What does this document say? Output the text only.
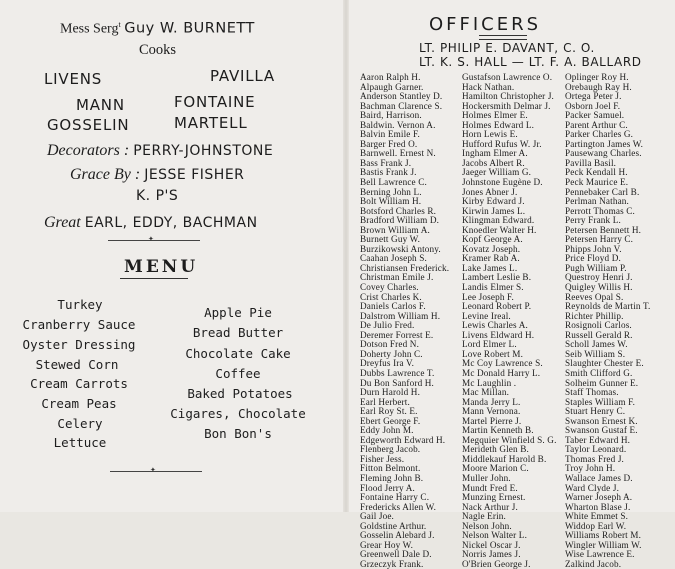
Mess Serg$^t$ Guy W. BURNETT
Cooks
LIVENS	PAVILLA
MANN	FONTAINE
GOSSELIN	MARTELL
Decorators : PERRY-JOHNSTONE
Grace By : JESSE FISHER
K. P'S
Great EARL, EDDY, BACHMAN
✦
MENU
Turkey
Cranberry Sauce
Oyster Dressing
Stewed Corn
Cream Carrots
Cream Peas
Celery
Lettuce
Apple Pie
Bread Butter
Chocolate Cake
Coffee
Baked Potatoes
Cigares, Chocolate
Bon Bon's
✦
OFFICERS
LT. PHILIP E. DAVANT, C. O.
LT. K. S. HALL — LT. F. A. BALLARD
Aaron Ralph H.
Alpaugh Garner.
Anderson Stantley D.
Bachman Clarence S.
Baird, Harrison.
Baldwin. Vernon A.
Balvin Emile F.
Barger Fred O.
Barnwell. Ernest N.
Bass Frank J.
Bastis Frank J.
Bell Lawrence C.
Berning John L.
Bolt William H.
Botsford Charles R.
Bradford William D.
Brown William A.
Burnett Guy W.
Burzikowski Antony.
Caahan Joseph S.
Christiansen Frederick.
Christman Emile J.
Covey Charles.
Crist Charles K.
Daniels Carlos F.
Dalstrom William H.
De Julio Fred.
Deremer Forrest E.
Dotson Fred N.
Doherty John C.
Dreyfus Ira V.
Dubbs Lawrence T.
Du Bon Sanford H.
Durn Harold H.
Earl Herbert.
Earl Roy St. E.
Ebert George F.
Eddy John M.
Edgeworth Edward H.
Flenberg Jacob.
Fisher Jess.
Fitton Belmont.
Fleming John B.
Flood Jerry A.
Fontaine Harry C.
Fredericks Allen W.
Gail Joe.
Goldstine Arthur.
Gosselin Alebard J.
Grear Hoy W.
Greenwell Dale D.
Grzeczyk Frank.
Gustafson Lawrence O.
Hack Nathan.
Hamilton Christopher J.
Hockersmith Delmar J.
Holmes Elmer E.
Holmes Edward L.
Horn Lewis E.
Hufford Rufus W. Jr.
Ingham Elmer A.
Jacobs Albert R.
Jaeger William G.
Johnstone Eugène D.
Jones Abner J.
Kirby Edward J.
Kirwin James L.
Klingman Edward.
Knoedler Walter H.
Kopf George A.
Kovatz Joseph.
Kramer Rab A.
Lake James L.
Lambert Leslie B.
Landis Elmer S.
Lee Joseph F.
Leonard Robert P.
Levine Ireal.
Lewis Charles A.
Livens Eldward H.
Lord Elmer L.
Love Robert M.
Mc Coy Lawrence S.
Mc Donald Harry L.
Mc Laughlin .
Mac Millan.
Manda Jerry L.
Mann Vernona.
Martel Pierre J.
Martin Kenneth B.
Megquier Winfield S. G.
Merideth Glen B.
Middlekauf Harold B.
Moore Marion C.
Muller John.
Mundt Fred E.
Munzing Ernest.
Nack Arthur J.
Nagle Erin.
Nelson John.
Nelson Walter L.
Nickel Oscar J.
Norris James J.
O'Brien George J.
Oplinger Roy H.
Orebaugh Ray H.
Ortega Peter J.
Osborn Joel F.
Packer Samuel.
Parent Arthur C.
Parker Charles G.
Partington James W.
Pausewang Charles.
Pavilla Basil.
Peck Kendall H.
Peck Maurice E.
Pennebaker Carl B.
Perlman Nathan.
Perrott Thomas C.
Perry Frank L.
Petersen Bennett H.
Petersen Harry C.
Phipps John V.
Price Floyd D.
Pugh William P.
Questroy Henri J.
Quigley Willis H.
Reeves Opal S.
Reynolds de Martin T.
Richter Phillip.
Rosignoli Carlos.
Russell Gerald R.
Scholl James W.
Seib William S.
Slaughter Chester E.
Smith Clifford G.
Solheim Gunner E.
Staff Thomas.
Staples William F.
Stuart Henry C.
Swanson Ernest K.
Swanson Gustaf E.
Taber Edward H.
Taylor Leonard.
Thomas Fred J.
Troy John H.
Wallace James D.
Ward Clyde J.
Warner Joseph A.
Wharton Blase J.
White Emmet S.
Widdop Earl W.
Williams Robert M.
Wingler William W.
Wise Lawrence E.
Zalkind Jacob.
